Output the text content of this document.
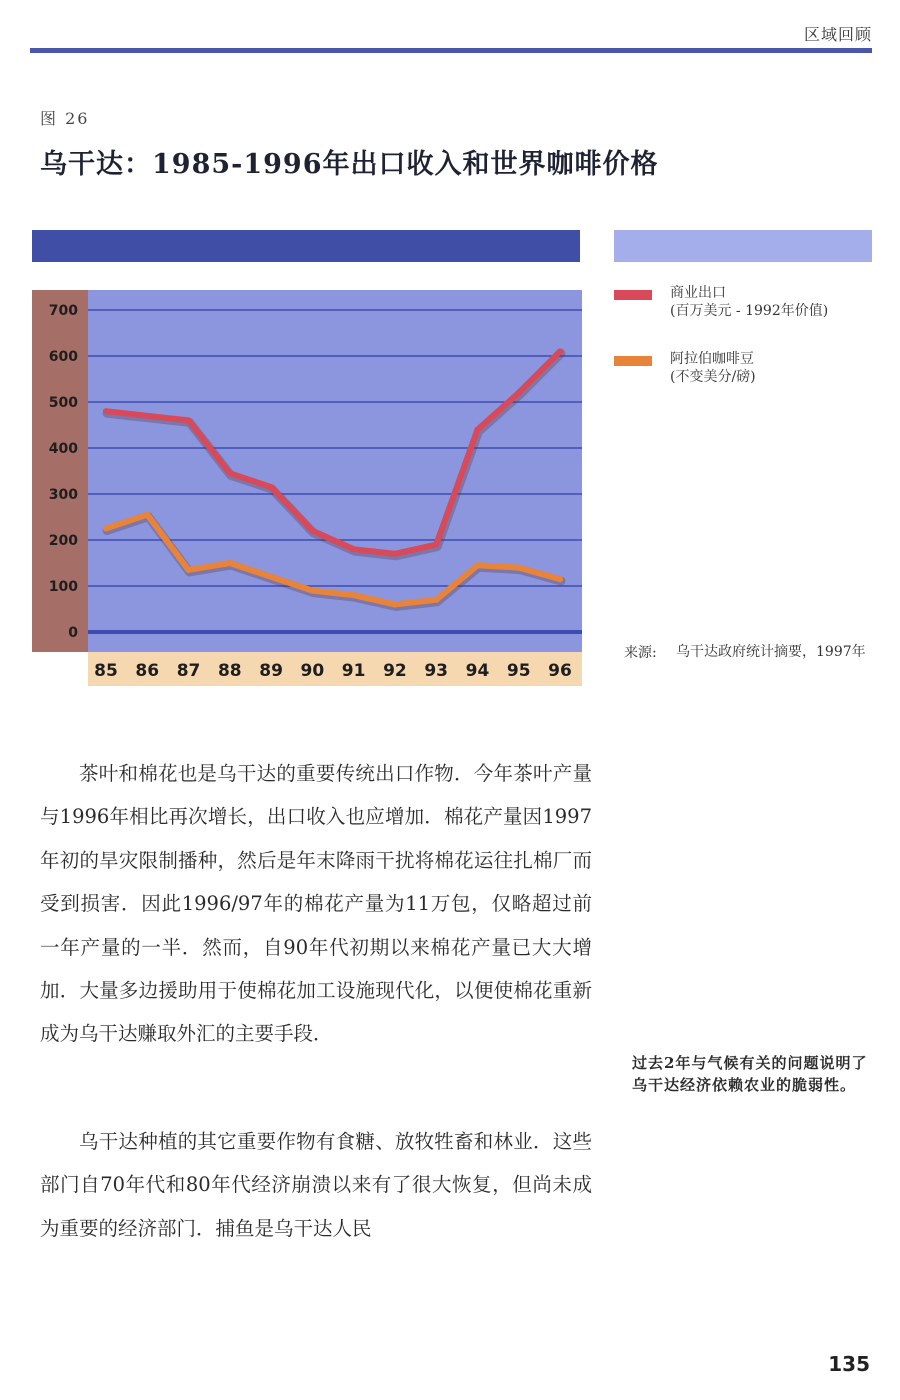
区域回顾
图 26
乌干达：1985-1996年出口收入和世界咖啡价格
0
100
200
300
400
500
600
700
85 86 87 88 89 90 91 92 93 94 95 96
商业出口
(百万美元 - 1992年价值)
阿拉伯咖啡豆
(不变美分/磅)
来源: 乌干达政府统计摘要，1997年

茶叶和棉花也是乌干达的重要传统出口作物．今年茶叶产量与1996年相比再次增长，出口收入也应增加．棉花产量因1997年初的旱灾限制播种，然后是年末降雨干扰将棉花运往扎棉厂而受到损害．因此1996/97年的棉花产量为11万包，仅略超过前一年产量的一半．然而，自90年代初期以来棉花产量已大大增加．大量多边援助用于使棉花加工设施现代化，以便使棉花重新成为乌干达赚取外汇的主要手段．

乌干达种植的其它重要作物有食糖、放牧牲畜和林业．这些部门自70年代和80年代经济崩溃以来有了很大恢复，但尚未成为重要的经济部门．捕鱼是乌干达人民

过去2年与气候有关的问题说明了乌干达经济依赖农业的脆弱性。
135
